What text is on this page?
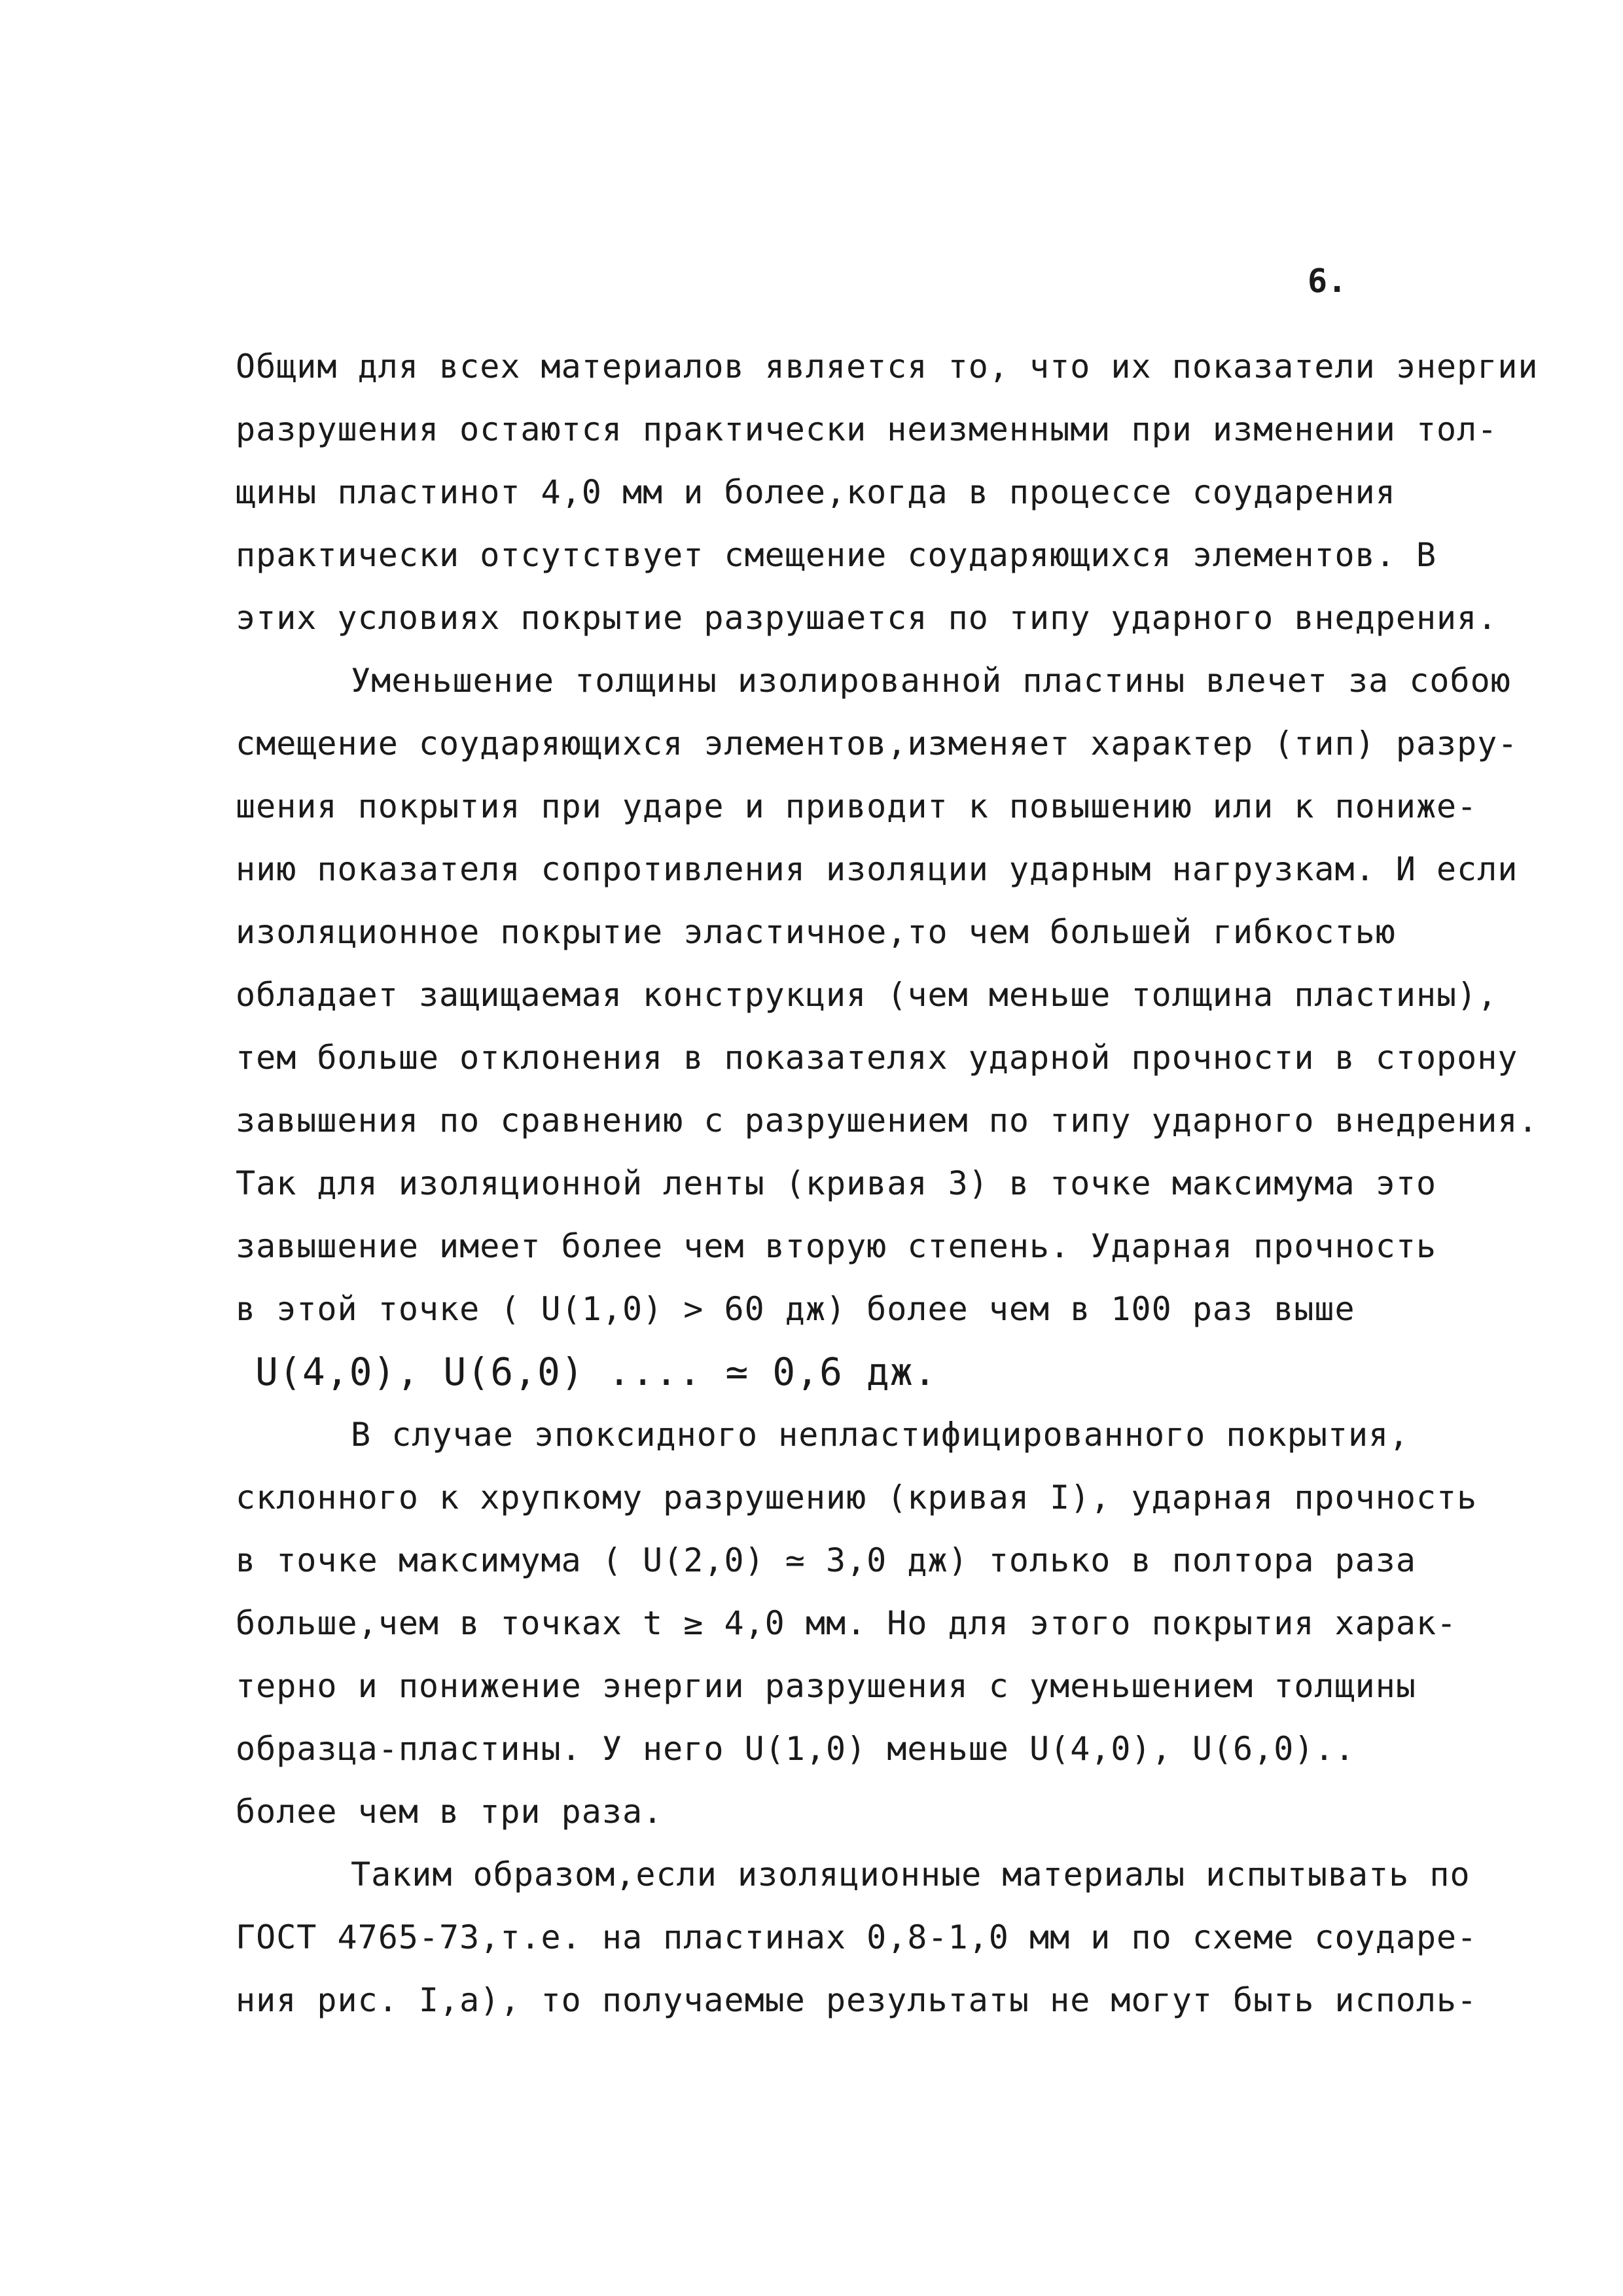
6.
Общим для всех материалов является то, что их показатели энергии
разрушения остаются практически неизменными при изменении тол-
щины пластинот 4,0 мм и более,когда в процессе соударения
практически отсутствует смещение соударяющихся элементов. В
этих условиях покрытие разрушается по типу ударного внедрения.
Уменьшение толщины изолированной пластины влечет за собою
смещение соударяющихся элементов,изменяет характер (тип) разру-
шения покрытия при ударе и приводит к повышению или к пониже-
нию показателя сопротивления изоляции ударным нагрузкам. И если
изоляционное покрытие эластичное,то чем большей гибкостью
обладает защищаемая конструкция (чем меньше толщина пластины),
тем больше отклонения в показателях ударной прочности в сторону
завышения по сравнению с разрушением по типу ударного внедрения.
Так для изоляционной ленты (кривая 3) в точке максимума это
завышение имеет более чем вторую степень. Ударная прочность
в этой точке ( U(1,0) > 60 дж) более чем в 100 раз выше
U(4,0), U(6,0) .... ≃ 0,6 дж.
В случае эпоксидного непластифицированного покрытия,
склонного к хрупкому разрушению (кривая I), ударная прочность
в точке максимума ( U(2,0) ≃ 3,0 дж) только в полтора раза
больше,чем в точках t ≥ 4,0 мм. Но для этого покрытия харак-
терно и понижение энергии разрушения с уменьшением толщины
образца-пластины. У него U(1,0) меньше U(4,0), U(6,0)..
более чем в три раза.
Таким образом,если изоляционные материалы испытывать по
ГОСТ 4765-73,т.е. на пластинах 0,8-1,0 мм и по схеме соударе-
ния рис. I,а), то получаемые результаты не могут быть исполь-
